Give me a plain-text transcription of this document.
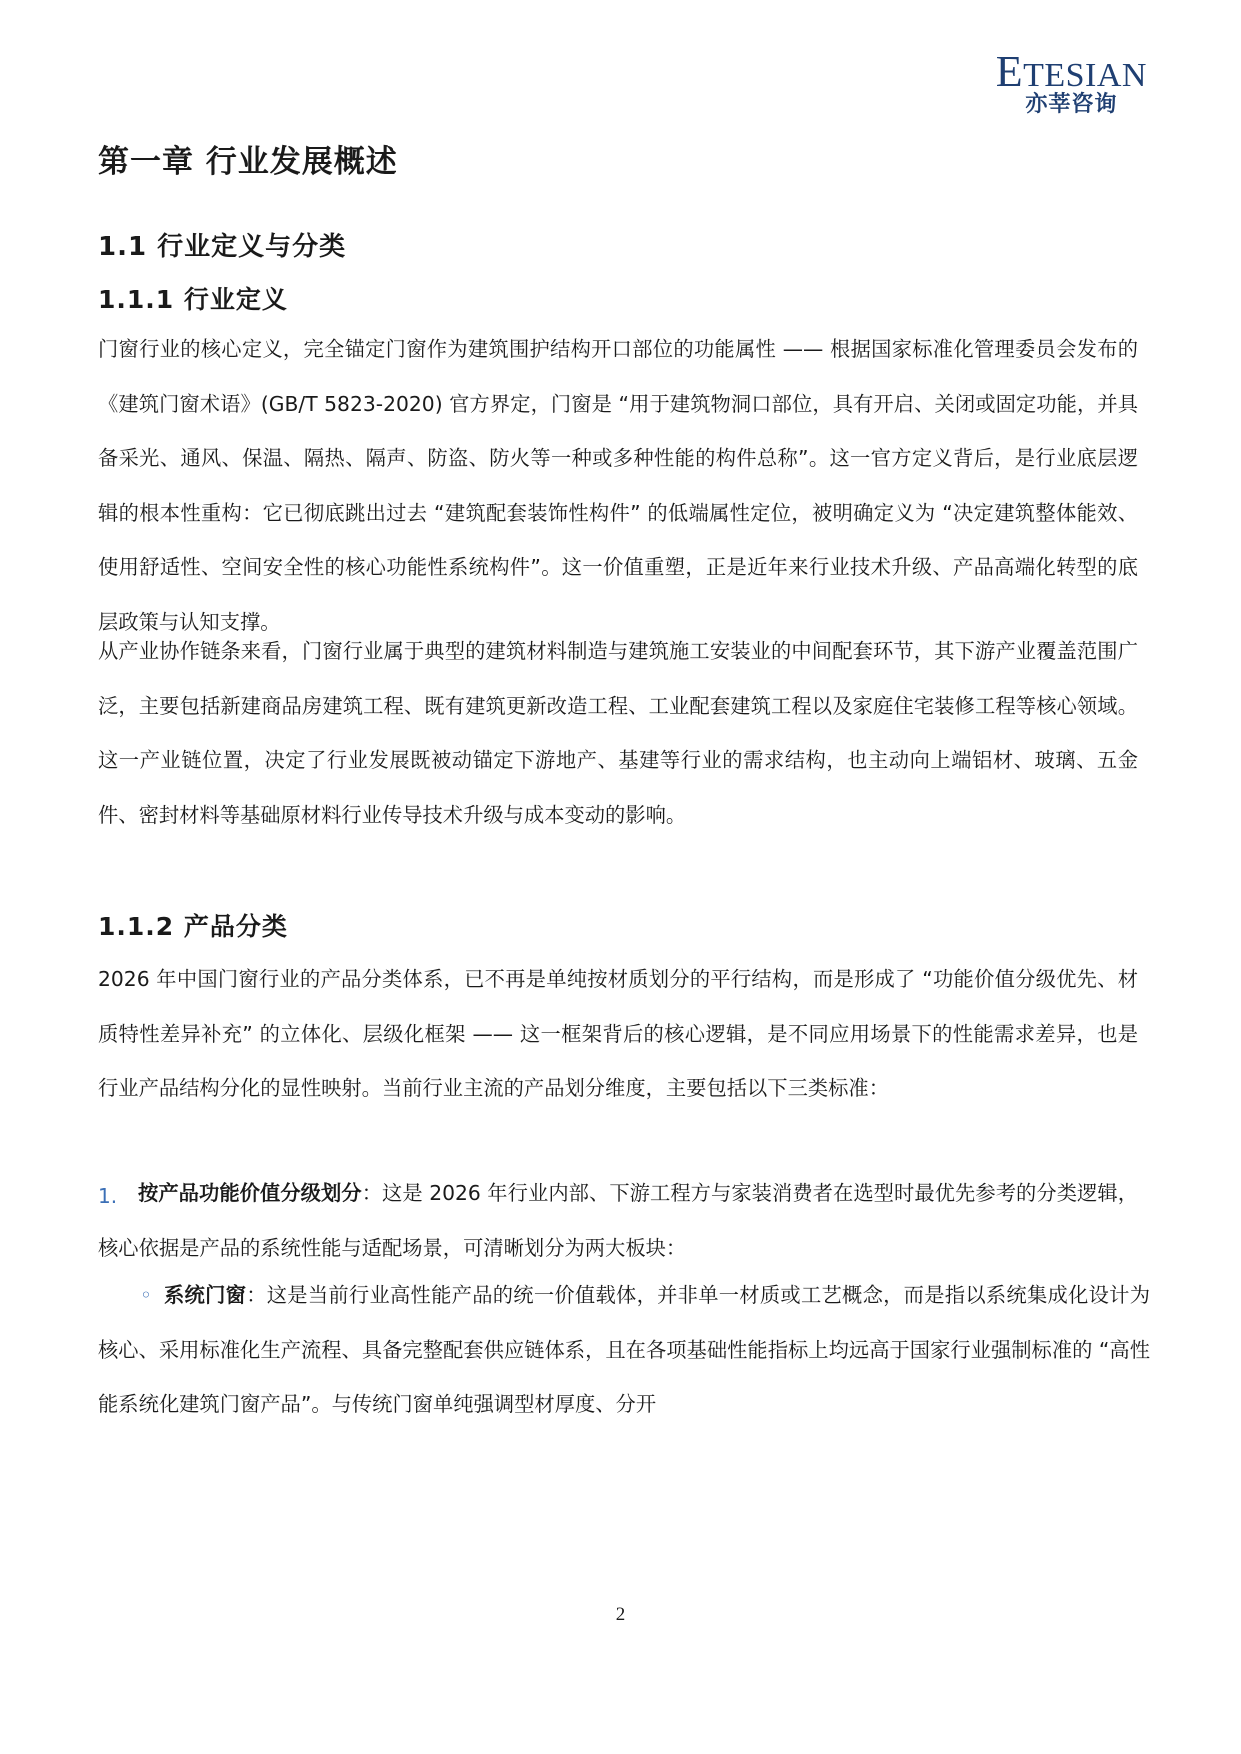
ETESIAN
亦莘咨询
第一章 行业发展概述
1.1 行业定义与分类
1.1.1 行业定义

门窗行业的核心定义，完全锚定门窗作为建筑围护结构开口部位的功能属性 —— 根据国家标准化管理委员会发布的《建筑门窗术语》(GB/T 5823-2020) 官方界定，门窗是 “用于建筑物洞口部位，具有开启、关闭或固定功能，并具备采光、通风、保温、隔热、隔声、防盗、防火等一种或多种性能的构件总称”。这一官方定义背后，是行业底层逻辑的根本性重构：它已彻底跳出过去 “建筑配套装饰性构件” 的低端属性定位，被明确定义为 “决定建筑整体能效、使用舒适性、空间安全性的核心功能性系统构件”。这一价值重塑，正是近年来行业技术升级、产品高端化转型的底层政策与认知支撑。

从产业协作链条来看，门窗行业属于典型的建筑材料制造与建筑施工安装业的中间配套环节，其下游产业覆盖范围广泛，主要包括新建商品房建筑工程、既有建筑更新改造工程、工业配套建筑工程以及家庭住宅装修工程等核心领域。这一产业链位置，决定了行业发展既被动锚定下游地产、基建等行业的需求结构，也主动向上端铝材、玻璃、五金件、密封材料等基础原材料行业传导技术升级与成本变动的影响。

1.1.2 产品分类

2026 年中国门窗行业的产品分类体系，已不再是单纯按材质划分的平行结构，而是形成了 “功能价值分级优先、材质特性差异补充” 的立体化、层级化框架 —— 这一框架背后的核心逻辑，是不同应用场景下的性能需求差异，也是行业产品结构分化的显性映射。当前行业主流的产品划分维度，主要包括以下三类标准：

1.	按产品功能价值分级划分：这是 2026 年行业内部、下游工程方与家装消费者在选型时最优先参考的分类逻辑，核心依据是产品的系统性能与适配场景，可清晰划分为两大板块：

◦ 系统门窗：这是当前行业高性能产品的统一价值载体，并非单一材质或工艺概念，而是指以系统集成化设计为核心、采用标准化生产流程、具备完整配套供应链体系，且在各项基础性能指标上均远高于国家行业强制标准的 “高性能系统化建筑门窗产品”。与传统门窗单纯强调型材厚度、分开

2
